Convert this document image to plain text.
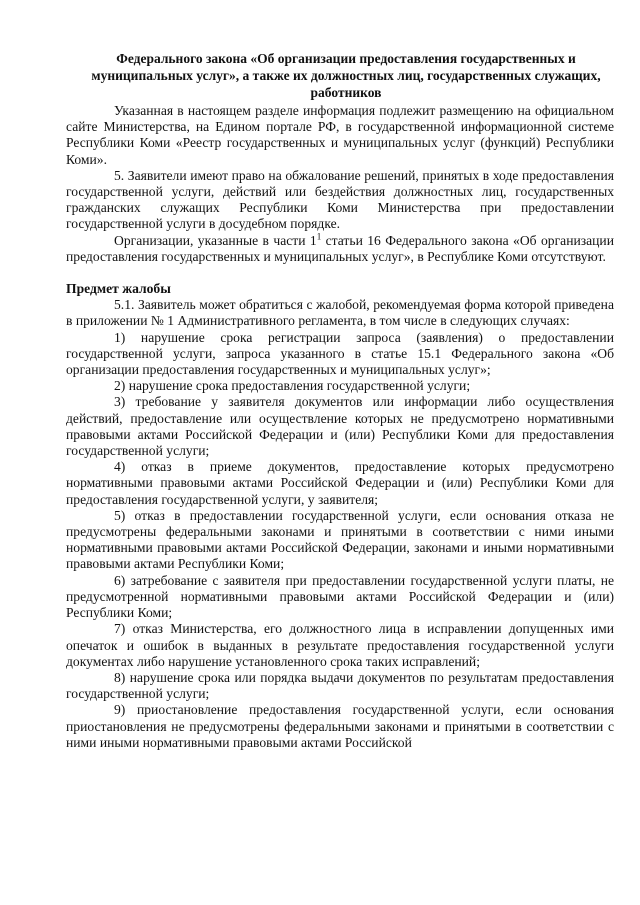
Федерального закона «Об организации предоставления государственных и муниципальных услуг», а также их должностных лиц, государственных служащих, работников

Указанная в настоящем разделе информация подлежит размещению на официальном сайте Министерства, на Едином портале РФ, в государственной информационной системе Республики Коми «Реестр государственных и муниципальных услуг (функций) Республики Коми».

5. Заявители имеют право на обжалование решений, принятых в ходе предоставления государственной услуги, действий или бездействия должностных лиц, государственных гражданских служащих Республики Коми Министерства при предоставлении государственной услуги в досудебном порядке.

Организации, указанные в части $1^1$ статьи 16 Федерального закона «Об организации предоставления государственных и муниципальных услуг», в Республике Коми отсутствуют.

Предмет жалобы

5.1. Заявитель может обратиться с жалобой, рекомендуемая форма которой приведена в приложении № 1 Административного регламента, в том числе в следующих случаях:

1) нарушение срока регистрации запроса (заявления) о предоставлении государственной услуги, запроса указанного в статье 15.1 Федерального закона «Об организации предоставления государственных и муниципальных услуг»;

2) нарушение срока предоставления государственной услуги;

3) требование у заявителя документов или информации либо осуществления действий, предоставление или осуществление которых не предусмотрено нормативными правовыми актами Российской Федерации и (или) Республики Коми для предоставления государственной услуги;

4) отказ в приеме документов, предоставление которых предусмотрено нормативными правовыми актами Российской Федерации и (или) Республики Коми для предоставления государственной услуги, у заявителя;

5) отказ в предоставлении государственной услуги, если основания отказа не предусмотрены федеральными законами и принятыми в соответствии с ними иными нормативными правовыми актами Российской Федерации, законами и иными нормативными правовыми актами Республики Коми;

6) затребование с заявителя при предоставлении государственной услуги платы, не предусмотренной нормативными правовыми актами Российской Федерации и (или) Республики Коми;

7) отказ Министерства, его должностного лица в исправлении допущенных ими опечаток и ошибок в выданных в результате предоставления государственной услуги документах либо нарушение установленного срока таких исправлений;

8) нарушение срока или порядка выдачи документов по результатам предоставления государственной услуги;

9) приостановление предоставления государственной услуги, если основания приостановления не предусмотрены федеральными законами и принятыми в соответствии с ними иными нормативными правовыми актами Российской
